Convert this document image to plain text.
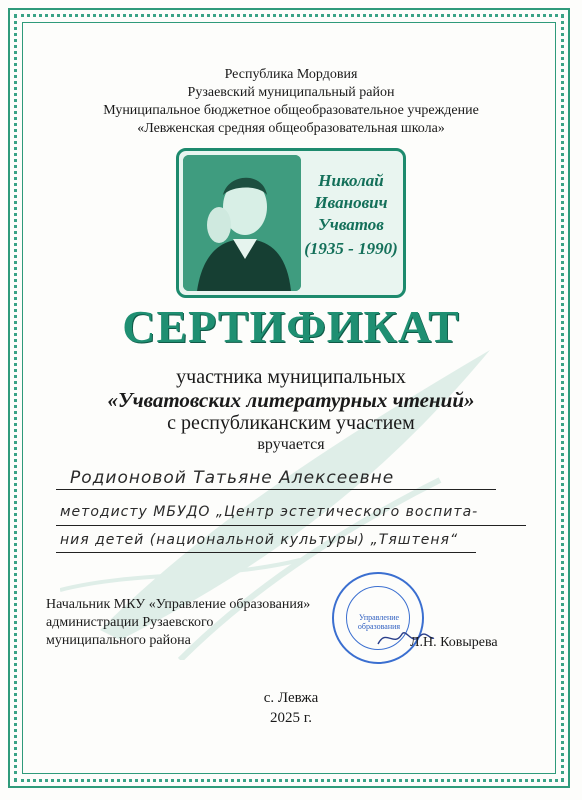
Республика Мордовия
Рузаевский муниципальный район
Муниципальное бюджетное общеобразовательное учреждение
«Левженская средняя общеобразовательная школа»
Николай
Иванович
Учватов
(1935 - 1990)
СЕРТИФИКАТ
участника муниципальных
«Учватовских литературных чтений»
с республиканским участием
вручается
Родионовой Татьяне Алексеевне
методисту МБУДО „Центр эстетического воспита-
ния детей (национальной культуры) „Тяштеня“
Начальник МКУ «Управление образования»
администрации Рузаевского
муниципального района
Управление образования
Л.Н. Ковырева
с. Левжа
2025 г.
